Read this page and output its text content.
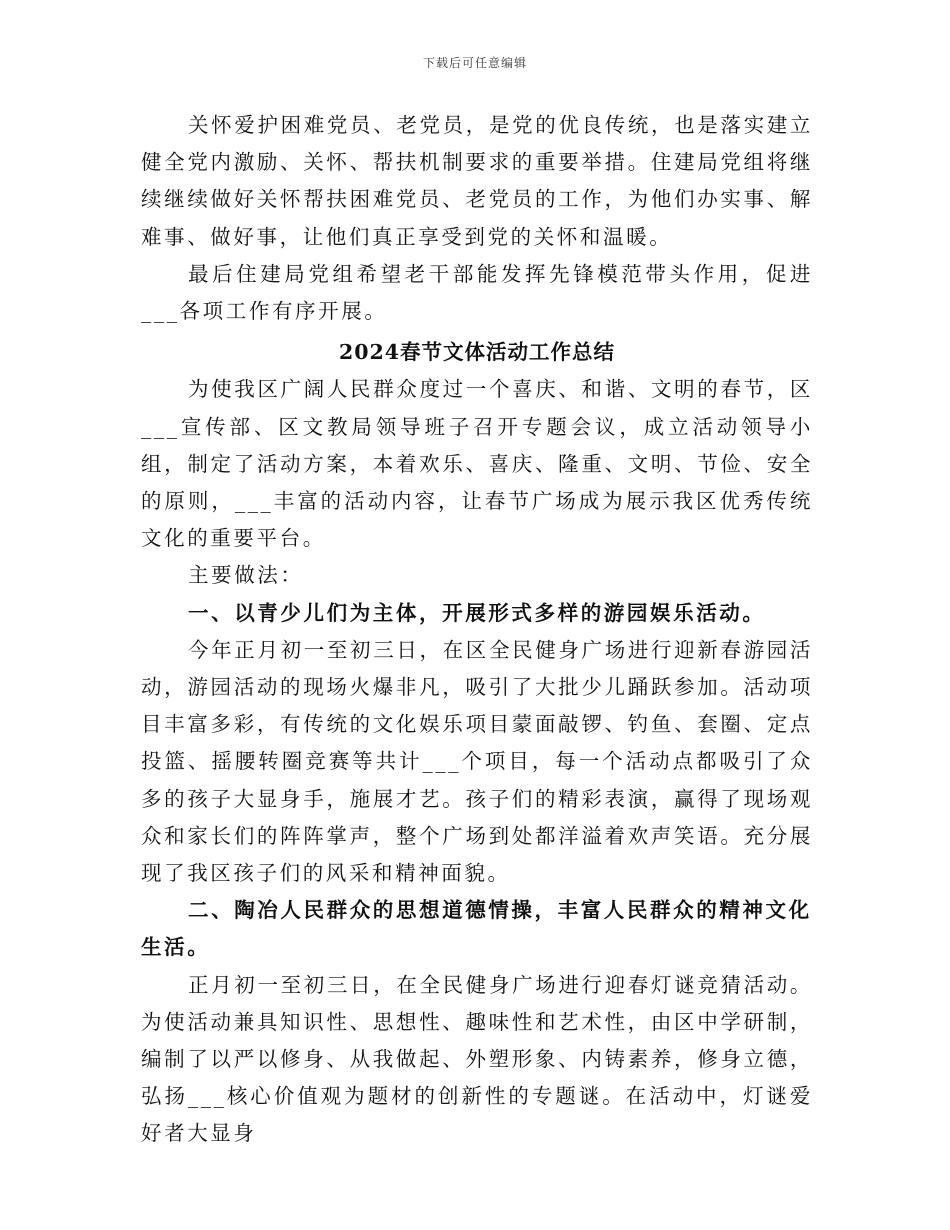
下载后可任意编辑

关怀爱护困难党员、老党员，是党的优良传统，也是落实建立健全党内激励、关怀、帮扶机制要求的重要举措。住建局党组将继续继续做好关怀帮扶困难党员、老党员的工作，为他们办实事、解难事、做好事，让他们真正享受到党的关怀和温暖。

最后住建局党组希望老干部能发挥先锋模范带头作用，促进___各项工作有序开展。

2024春节文体活动工作总结

为使我区广阔人民群众度过一个喜庆、和谐、文明的春节，区___宣传部、区文教局领导班子召开专题会议，成立活动领导小组，制定了活动方案，本着欢乐、喜庆、隆重、文明、节俭、安全的原则，___丰富的活动内容，让春节广场成为展示我区优秀传统文化的重要平台。

主要做法：

一、以青少儿们为主体，开展形式多样的游园娱乐活动。

今年正月初一至初三日，在区全民健身广场进行迎新春游园活动，游园活动的现场火爆非凡，吸引了大批少儿踊跃参加。活动项目丰富多彩，有传统的文化娱乐项目蒙面敲锣、钓鱼、套圈、定点投篮、摇腰转圈竞赛等共计___个项目，每一个活动点都吸引了众多的孩子大显身手，施展才艺。孩子们的精彩表演，赢得了现场观众和家长们的阵阵掌声，整个广场到处都洋溢着欢声笑语。充分展现了我区孩子们的风采和精神面貌。

二、陶冶人民群众的思想道德情操，丰富人民群众的精神文化生活。

正月初一至初三日，在全民健身广场进行迎春灯谜竞猜活动。为使活动兼具知识性、思想性、趣味性和艺术性，由区中学研制，编制了以严以修身、从我做起、外塑形象、内铸素养，修身立德，弘扬___核心价值观为题材的创新性的专题谜。在活动中，灯谜爱好者大显身
